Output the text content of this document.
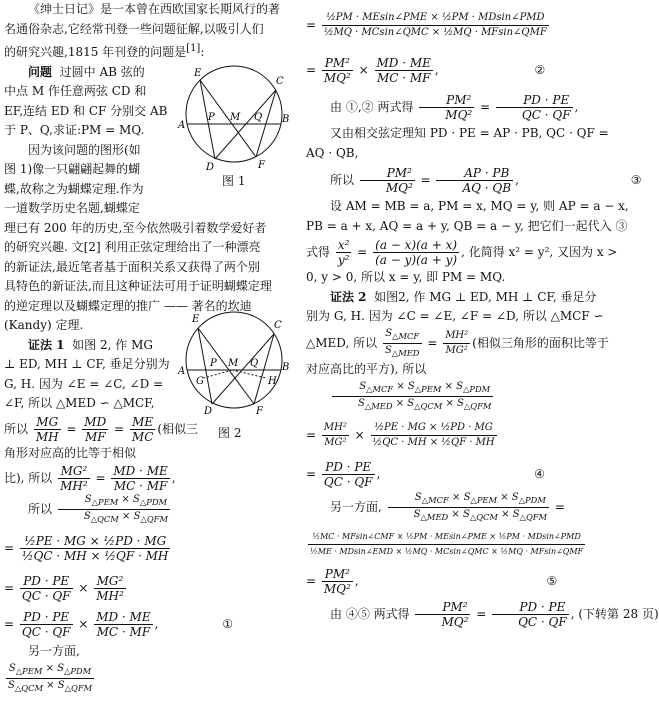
《绅士日记》是一本曾在西欧国家长期风行的著

名通俗杂志,它经常刊登一些问题征解,以吸引人们

的研究兴趣,1815 年刊登的问题是[1]:

问题 过圆中 AB 弦的

中点 M 作任意两弦 CD 和

EF,连结 ED 和 CF 分别交 AB

于 P、Q,求证:PM = MQ.

因为该问题的图形(如

图 1)像一只翩翩起舞的蝴

蝶,故称之为蝴蝶定理.作为

一道数学历史名题,蝴蝶定

理已有 200 年的历史,至今依然吸引着数学爱好者

的研究兴趣. 文[2] 利用正弦定理给出了一种漂亮

的新证法,最近笔者基于面积关系又获得了两个别

具特色的新证法,而且这种证法可用于证明蝴蝶定理

的逆定理以及蝴蝶定理的推广 —— 著名的坎迪

(Kandy) 定理.

证法 1 如图 2, 作 MG

⊥ ED, MH ⊥ CF, 垂足分别为

G, H. 因为 ∠E = ∠C, ∠D =

∠F, 所以 △MED ∽ △MCF,

所以 $\frac{MG}{MH} = \frac{MD}{MF} = \frac{ME}{MC}$ (相似三

角形对应高的比等于相似

比), 所以 $\frac{\text{MG²}}{\text{MH²}} = \frac{MD \cdot ME}{MC \cdot MF}$ ,

所以 $\frac{S_{\triangle PEM} \times S_{\triangle PDM}}{S_{\triangle QCM} \times S_{\triangle QFM}}$

= $\frac{\text{½PE · MG × ½PD · MG}}{\text{½QC · MH × ½QF · MH}}$

= $\frac{PD \cdot PE}{QC \cdot QF} \times \frac{\text{MG²}}{\text{MH²}}$

= $\frac{PD \cdot PE}{QC \cdot QF} \times \frac{MD \cdot ME}{MC \cdot MF}$ ,	①

另一方面,

$\frac{S_{\triangle PEM} \times S_{\triangle PDM}}{S_{\triangle QCM} \times S_{\triangle QFM}}$

E
C
A
B
P M Q
D	F
图 1
E
C
A	B
G	H
P M Q
D	F
图 2

= $\frac{\text{½PM · MEsin∠PME × ½PM · MDsin∠PMD}}{\text{½MQ · MCsin∠QMC × ½MQ · MFsin∠QMF}}$

= $\frac{\text{PM²}}{\text{MQ²}} \times \frac{MD \cdot ME}{MC \cdot MF}$ ,	②

由 ①,② 两式得 $\frac{\text{PM²}}{\text{MQ²}} = \frac{PD \cdot PE}{QC \cdot QF}$ ,

又由相交弦定理知 PD · PE = AP · PB, QC · QF =

AQ · QB,

所以 $\frac{\text{PM²}}{\text{MQ²}} = \frac{AP \cdot PB}{AQ \cdot QB}$ ,	③

设 AM = MB = a, PM = x, MQ = y, 则 AP = a − x,

PB = a + x, AQ = a + y, QB = a − y, 把它们一起代入 ③

式得 $\frac{\text{x²}}{\text{y²}} = \frac{(a - x)(a + x)}{(a - y)(a + y)}$ , 化简得 x² = y², 又因为 x >

0, y > 0, 所以 x = y, 即 PM = MQ.

证法 2 如图2, 作 MG ⊥ ED, MH ⊥ CF, 垂足分

别为 G, H. 因为 ∠C = ∠E, ∠F = ∠D, 所以 △MCF ∽

△MED, 所以 $\frac{S_{\triangle MCF}}{S_{\triangle MED}} = \frac{\text{MH²}}{\text{MG²}}$ (相似三角形的面积比等于

对应高比的平方), 所以

$\frac{S_{\triangle MCF} \times S_{\triangle PEM} \times S_{\triangle PDM}}{S_{\triangle MED} \times S_{\triangle QCM} \times S_{\triangle QFM}}$

= $\frac{\text{MH²}}{\text{MG²}} \times \frac{\text{½PE · MG × ½PD · MG}}{\text{½QC · MH × ½QF · MH}}$

= $\frac{PD \cdot PE}{QC \cdot QF}$ ,	④

另一方面, $\frac{S_{\triangle MCF} \times S_{\triangle PEM} \times S_{\triangle PDM}}{S_{\triangle MED} \times S_{\triangle QCM} \times S_{\triangle QFM}}$ =

$\frac{\text{½MC · MFsin∠CMF × ½PM · MEsin∠PME × ½PM · MDsin∠PMD}}{\text{½ME · MDsin∠EMD × ½MQ · MCsin∠QMC × ½MQ · MFsin∠QMF}}$

= $\frac{\text{PM²}}{\text{MQ²}}$ ,	⑤

由 ④⑤ 两式得 $\frac{\text{PM²}}{\text{MQ²}} = \frac{PD \cdot PE}{QC \cdot QF}$ , (下转第 28 页)
